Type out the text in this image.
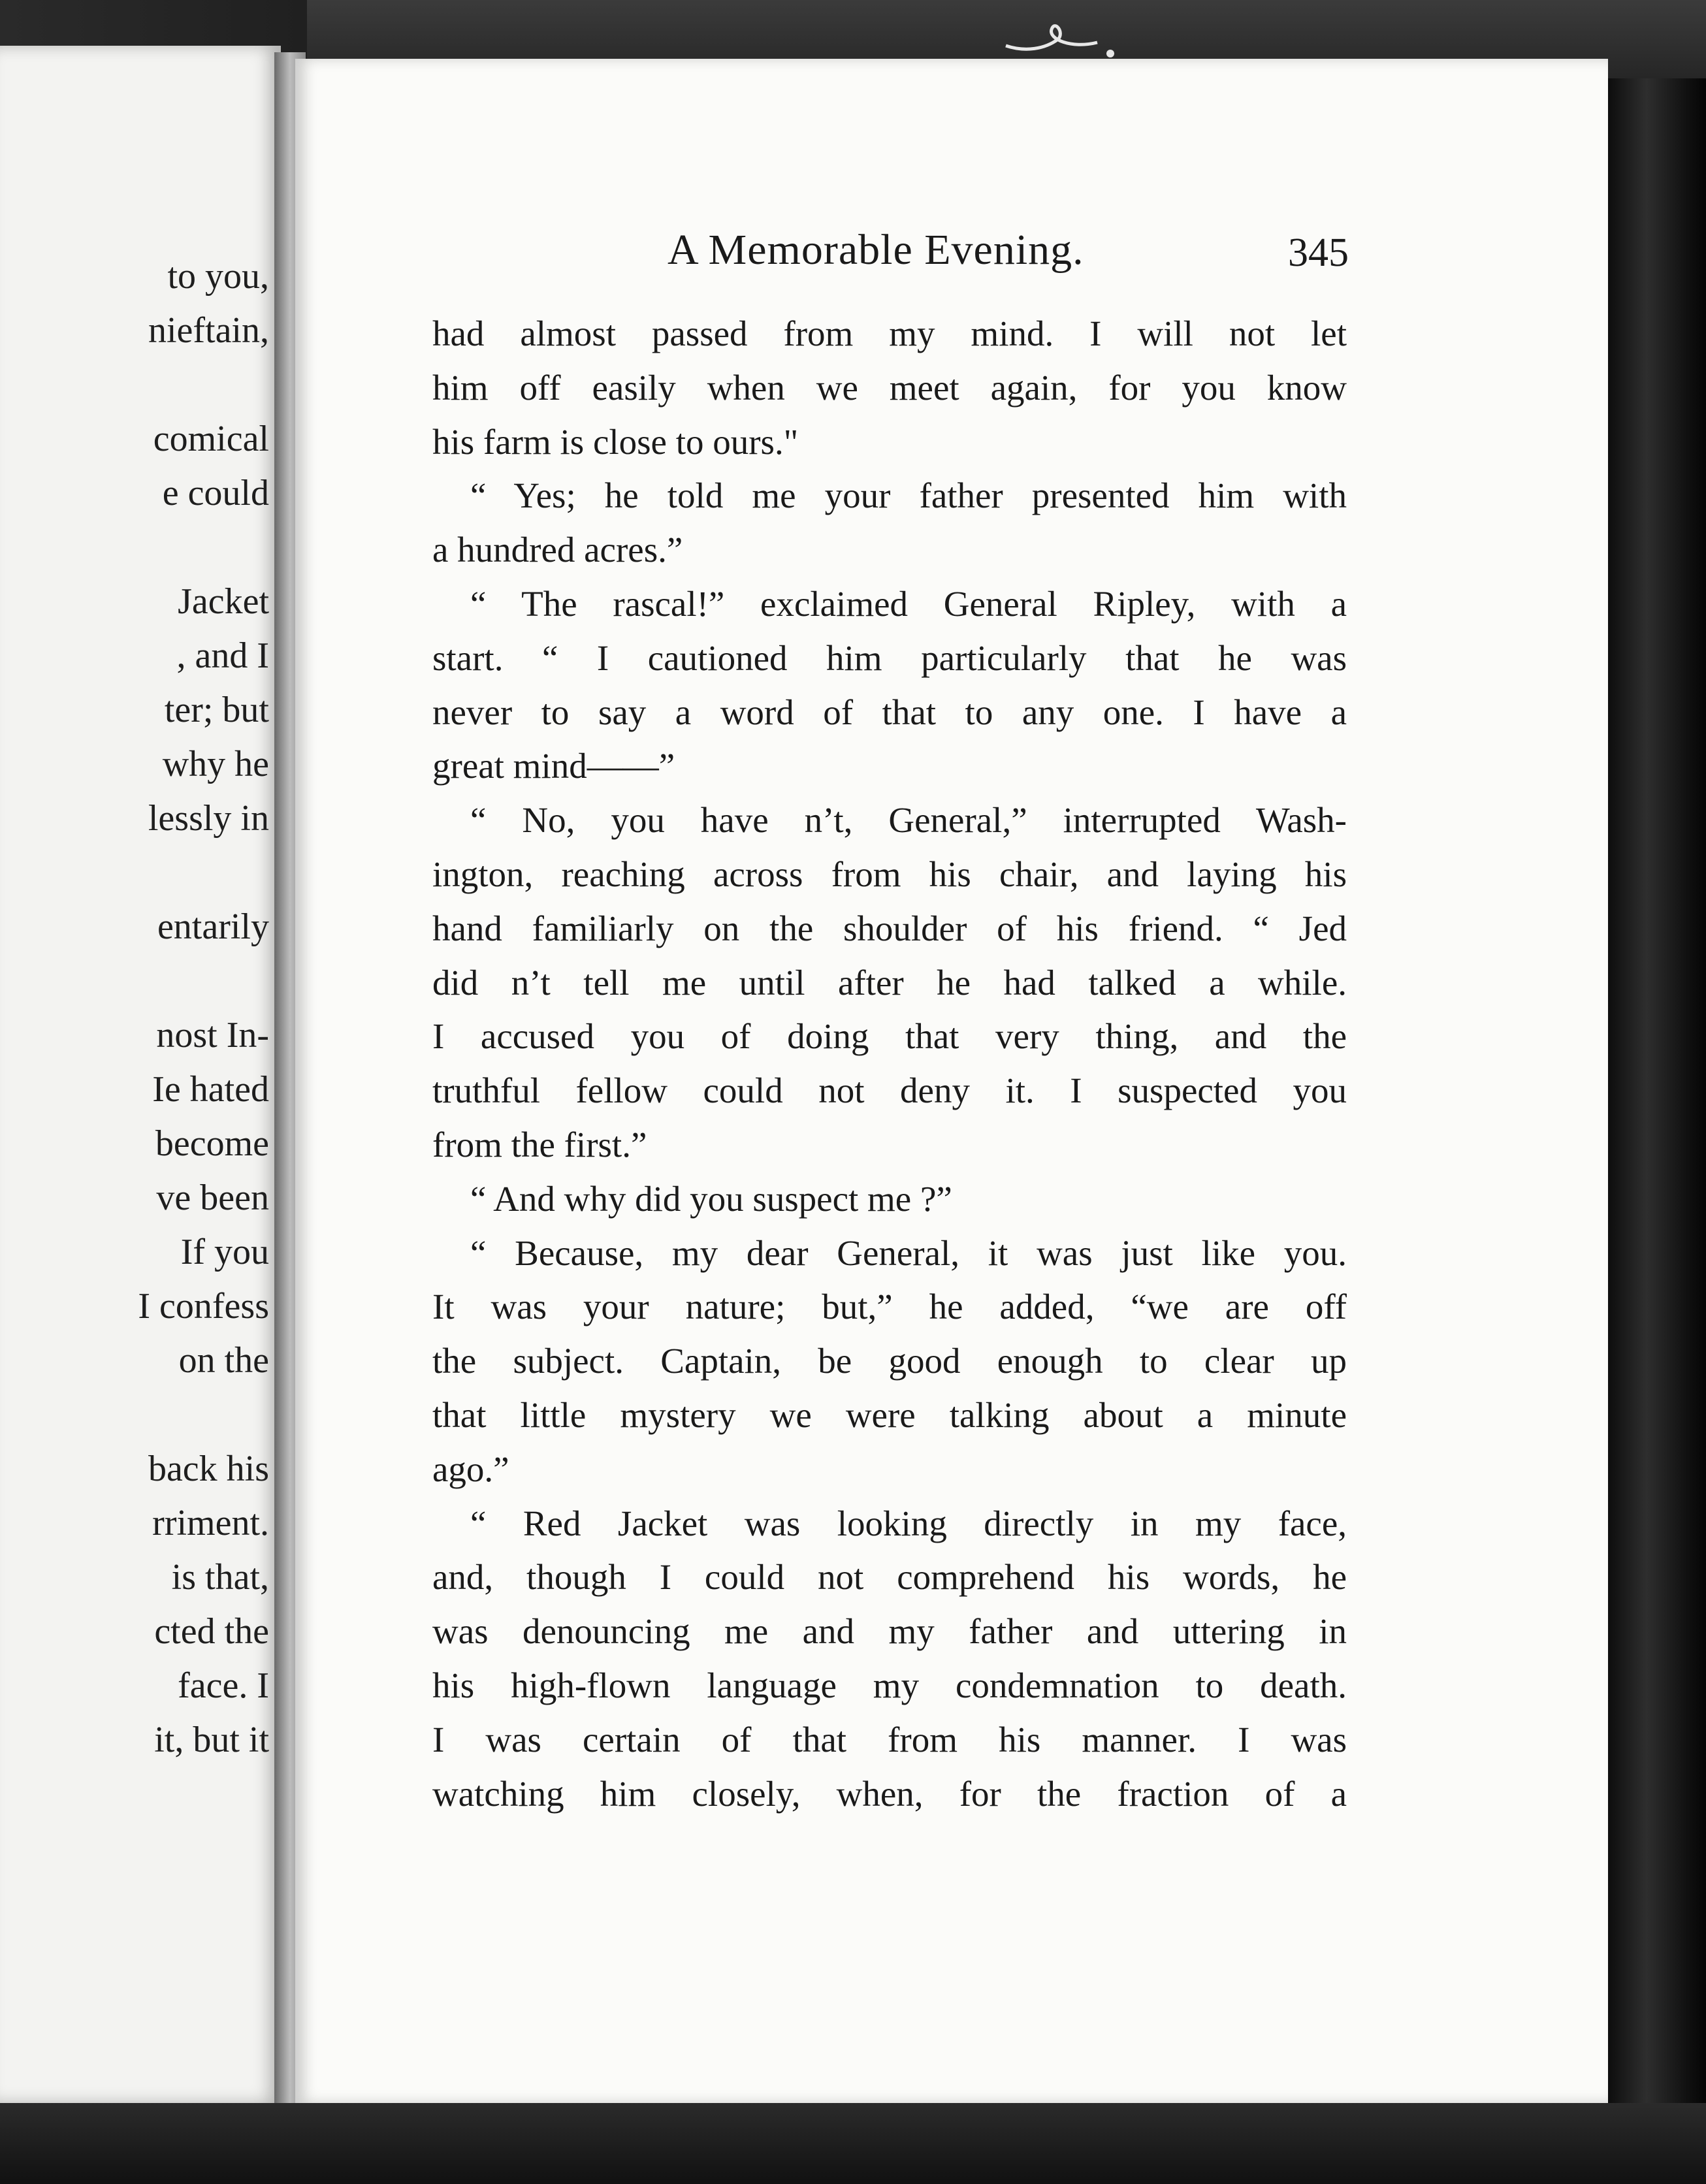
to you,
nieftain,
comical
e could
Jacket
, and I
ter; but
why he
lessly in
entarily
nost In-
Ie hated
become
ve been
If you
I confess
on the
back his
rriment.
is that,
cted the
face. I
it, but it
A Memorable Evening.	345
had almost passed from my mind. I will not let
him off easily when we meet again, for you know
his farm is close to ours."
“ Yes; he told me your father presented him with
a hundred acres.”
“ The rascal!” exclaimed General Ripley, with a
start. “ I cautioned him particularly that he was
never to say a word of that to any one. I have a
great mind——”
“ No, you have n’t, General,” interrupted Wash-
ington, reaching across from his chair, and laying his
hand familiarly on the shoulder of his friend. “ Jed
did n’t tell me until after he had talked a while.
I accused you of doing that very thing, and the
truthful fellow could not deny it. I suspected you
from the first.”
“ And why did you suspect me ?”
“ Because, my dear General, it was just like you.
It was your nature; but,” he added, “we are off
the subject. Captain, be good enough to clear up
that little mystery we were talking about a minute
ago.”
“ Red Jacket was looking directly in my face,
and, though I could not comprehend his words, he
was denouncing me and my father and uttering in
his high-flown language my condemnation to death.
I was certain of that from his manner. I was
watching him closely, when, for the fraction of a
